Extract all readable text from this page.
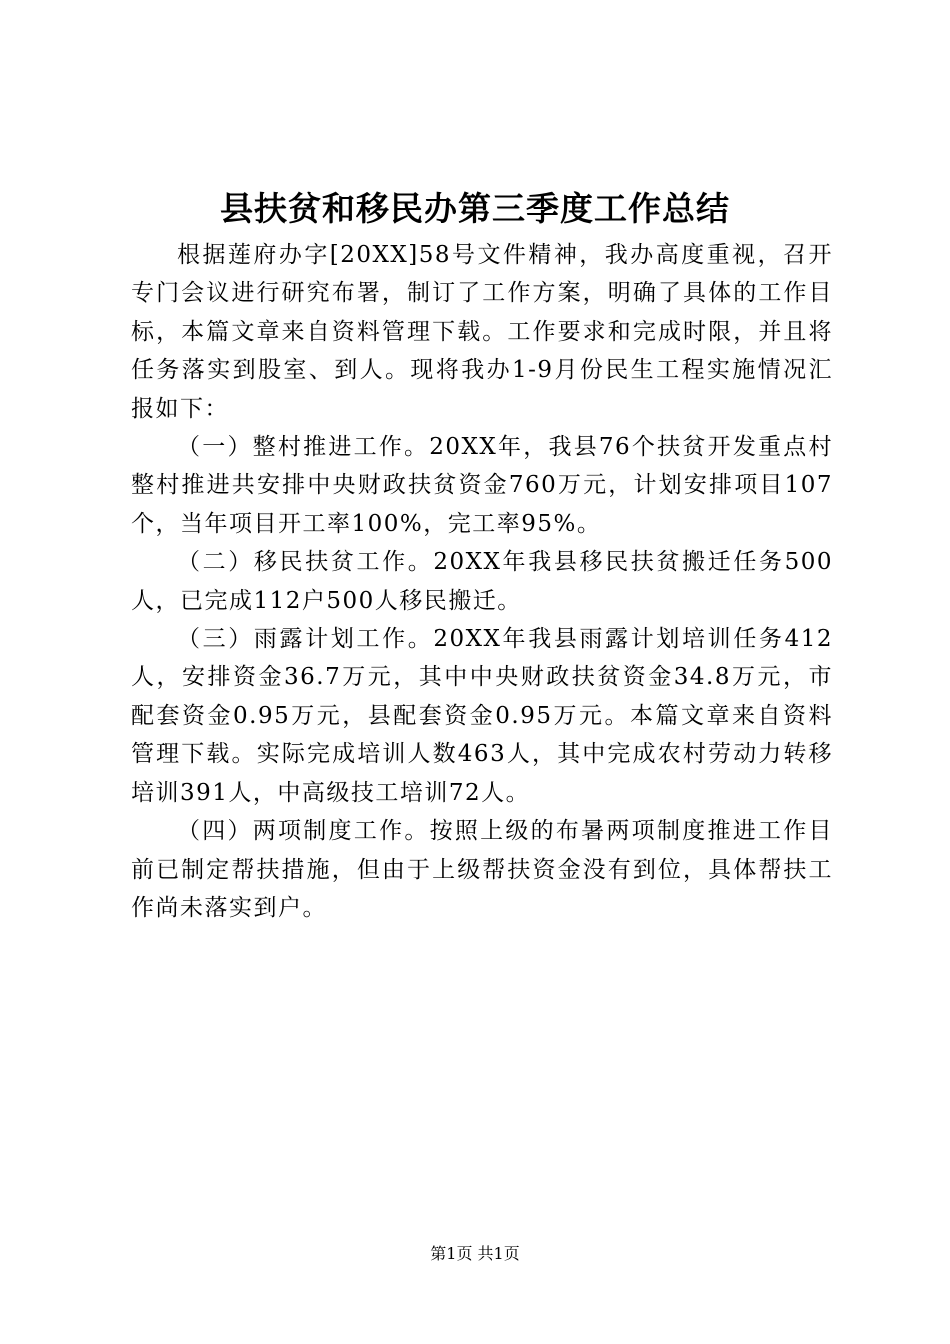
县扶贫和移民办第三季度工作总结

根据莲府办字[20XX]58号文件精神，我办高度重视，召开专门会议进行研究布署，制订了工作方案，明确了具体的工作目标，本篇文章来自资料管理下载。工作要求和完成时限，并且将任务落实到股室、到人。现将我办1-9月份民生工程实施情况汇报如下：

（一）整村推进工作。20XX年，我县76个扶贫开发重点村整村推进共安排中央财政扶贫资金760万元，计划安排项目107个，当年项目开工率100%，完工率95%。

（二）移民扶贫工作。20XX年我县移民扶贫搬迁任务500人，已完成112户500人移民搬迁。

（三）雨露计划工作。20XX年我县雨露计划培训任务412人，安排资金36.7万元，其中中央财政扶贫资金34.8万元，市配套资金0.95万元，县配套资金0.95万元。本篇文章来自资料管理下载。实际完成培训人数463人，其中完成农村劳动力转移培训391人，中高级技工培训72人。

（四）两项制度工作。按照上级的布暑两项制度推进工作目前已制定帮扶措施，但由于上级帮扶资金没有到位，具体帮扶工作尚未落实到户。

第1页 共1页
